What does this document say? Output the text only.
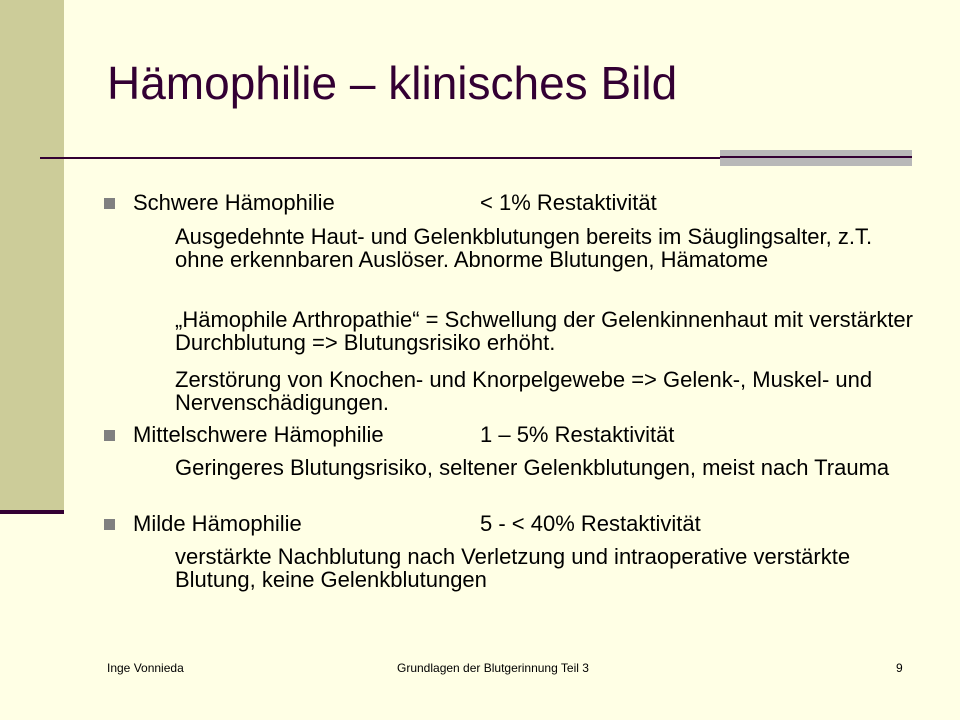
Hämophilie – klinisches Bild
Schwere Hämophilie	< 1% Restaktivität
Ausgedehnte Haut- und Gelenkblutungen bereits im Säuglingsalter, z.T. ohne erkennbaren Auslöser. Abnorme Blutungen, Hämatome
„Hämophile Arthropathie“ = Schwellung der Gelenkinnenhaut mit verstärkter Durchblutung => Blutungsrisiko erhöht.
Zerstörung von Knochen- und Knorpelgewebe => Gelenk-, Muskel- und Nervenschädigungen.
Mittelschwere Hämophilie	1 – 5% Restaktivität
Geringeres Blutungsrisiko, seltener Gelenkblutungen, meist nach Trauma
Milde Hämophilie	5 - < 40% Restaktivität
verstärkte Nachblutung nach Verletzung und intraoperative verstärkte Blutung, keine Gelenkblutungen
Inge Vonnieda	Grundlagen der Blutgerinnung Teil 3	9
